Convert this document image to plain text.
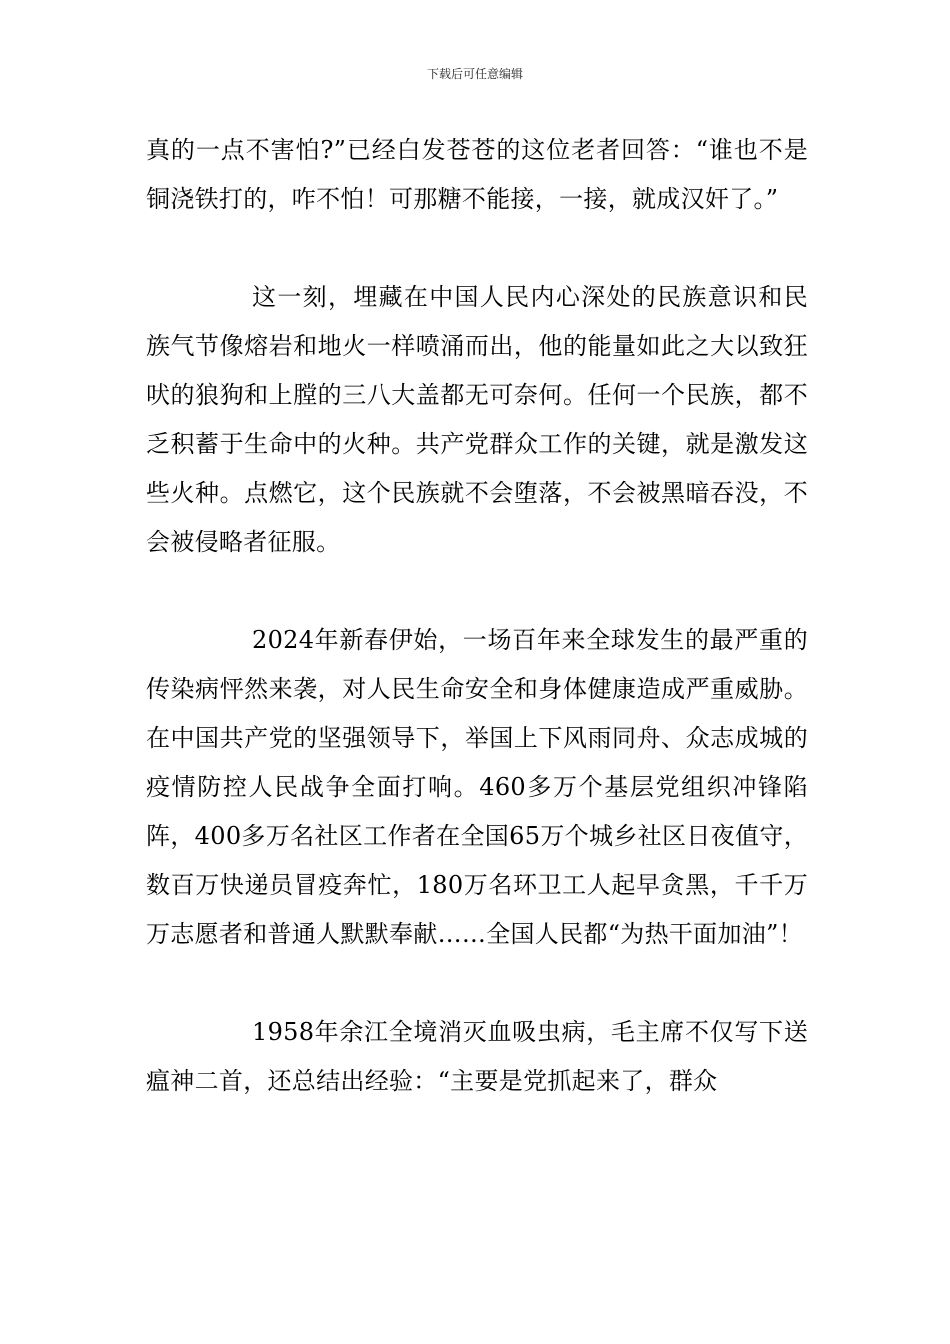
下载后可任意编辑

真的一点不害怕?”已经白发苍苍的这位老者回答：“谁也不是铜浇铁打的，咋不怕！可那糖不能接，一接，就成汉奸了。”

这一刻，埋藏在中国人民内心深处的民族意识和民族气节像熔岩和地火一样喷涌而出，他的能量如此之大以致狂吠的狼狗和上膛的三八大盖都无可奈何。任何一个民族，都不乏积蓄于生命中的火种。共产党群众工作的关键，就是激发这些火种。点燃它，这个民族就不会堕落，不会被黑暗吞没，不会被侵略者征服。

2024年新春伊始，一场百年来全球发生的最严重的传染病怦然来袭，对人民生命安全和身体健康造成严重威胁。在中国共产党的坚强领导下，举国上下风雨同舟、众志成城的疫情防控人民战争全面打响。460多万个基层党组织冲锋陷阵，400多万名社区工作者在全国65万个城乡社区日夜值守，数百万快递员冒疫奔忙，180万名环卫工人起早贪黑，千千万万志愿者和普通人默默奉献……全国人民都“为热干面加油”！

1958年余江全境消灭血吸虫病，毛主席不仅写下送瘟神二首，还总结出经验：“主要是党抓起来了，群众
